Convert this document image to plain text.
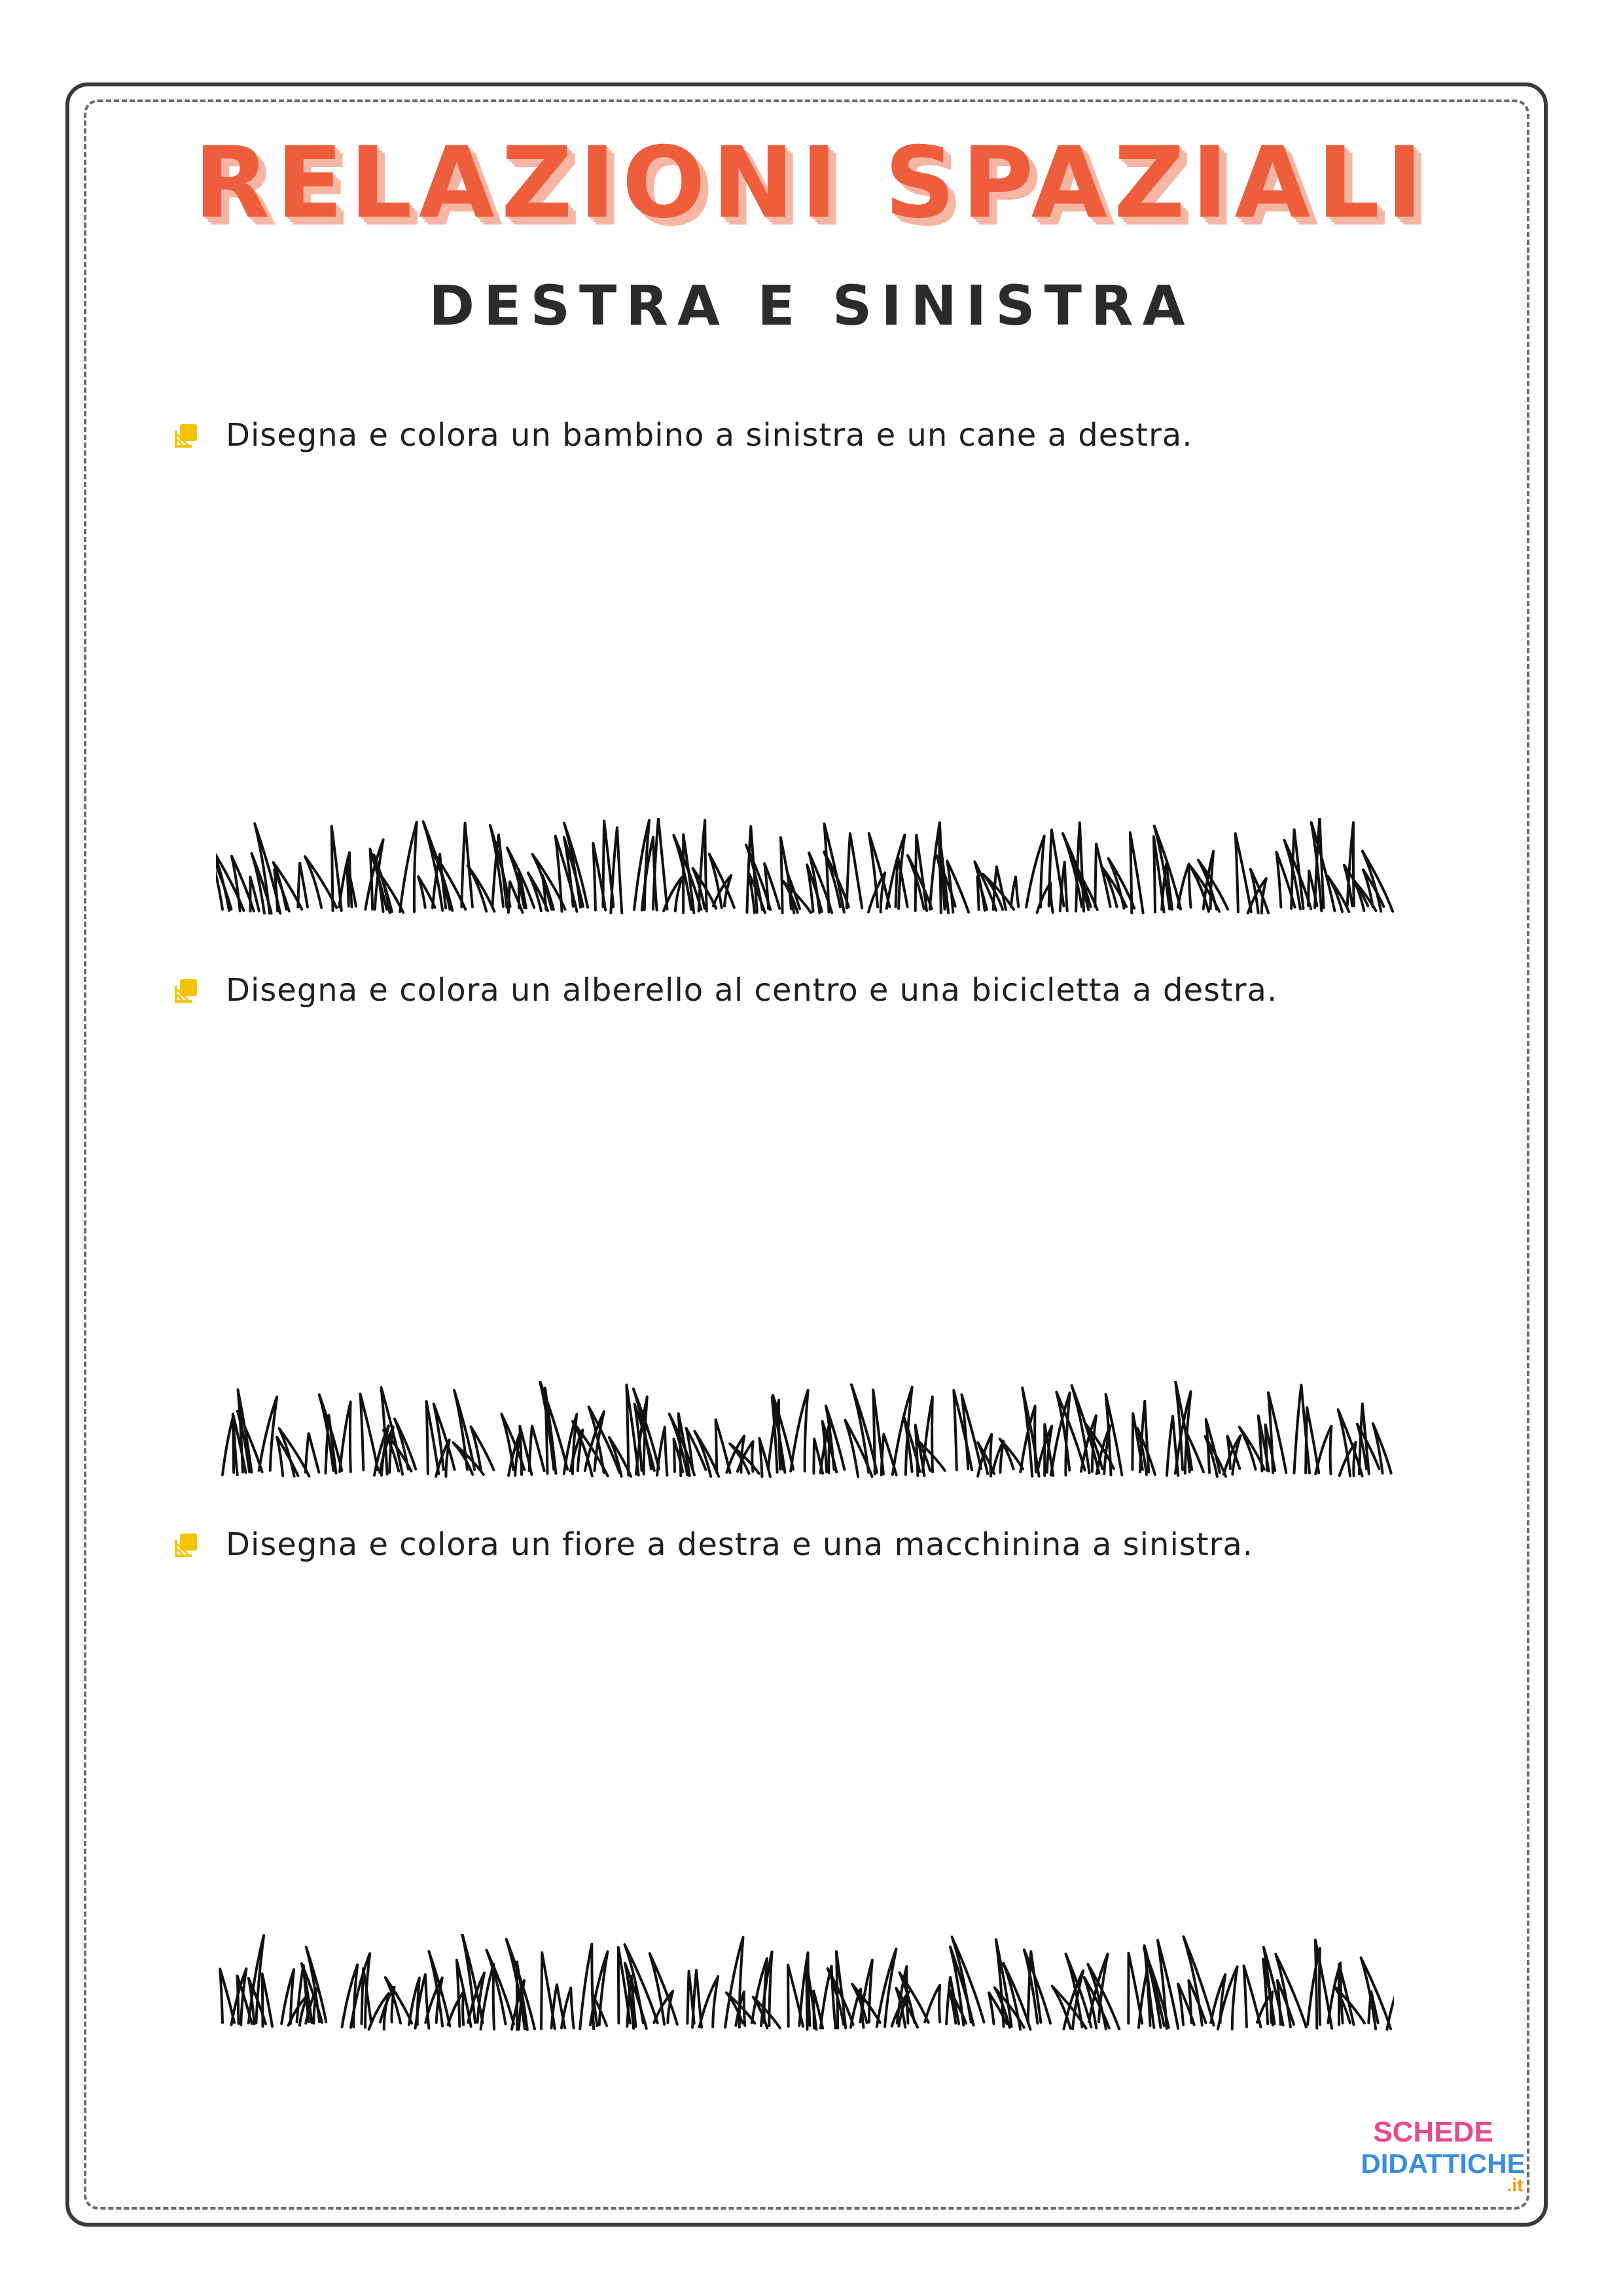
RELAZIONI SPAZIALI
DESTRA E SINISTRA
Disegna e colora un bambino a sinistra e un cane a destra.
Disegna e colora un alberello al centro e una bicicletta a destra.
Disegna e colora un fiore a destra e una macchinina a sinistra.
SCHEDE
DIDATTICHE
.it
